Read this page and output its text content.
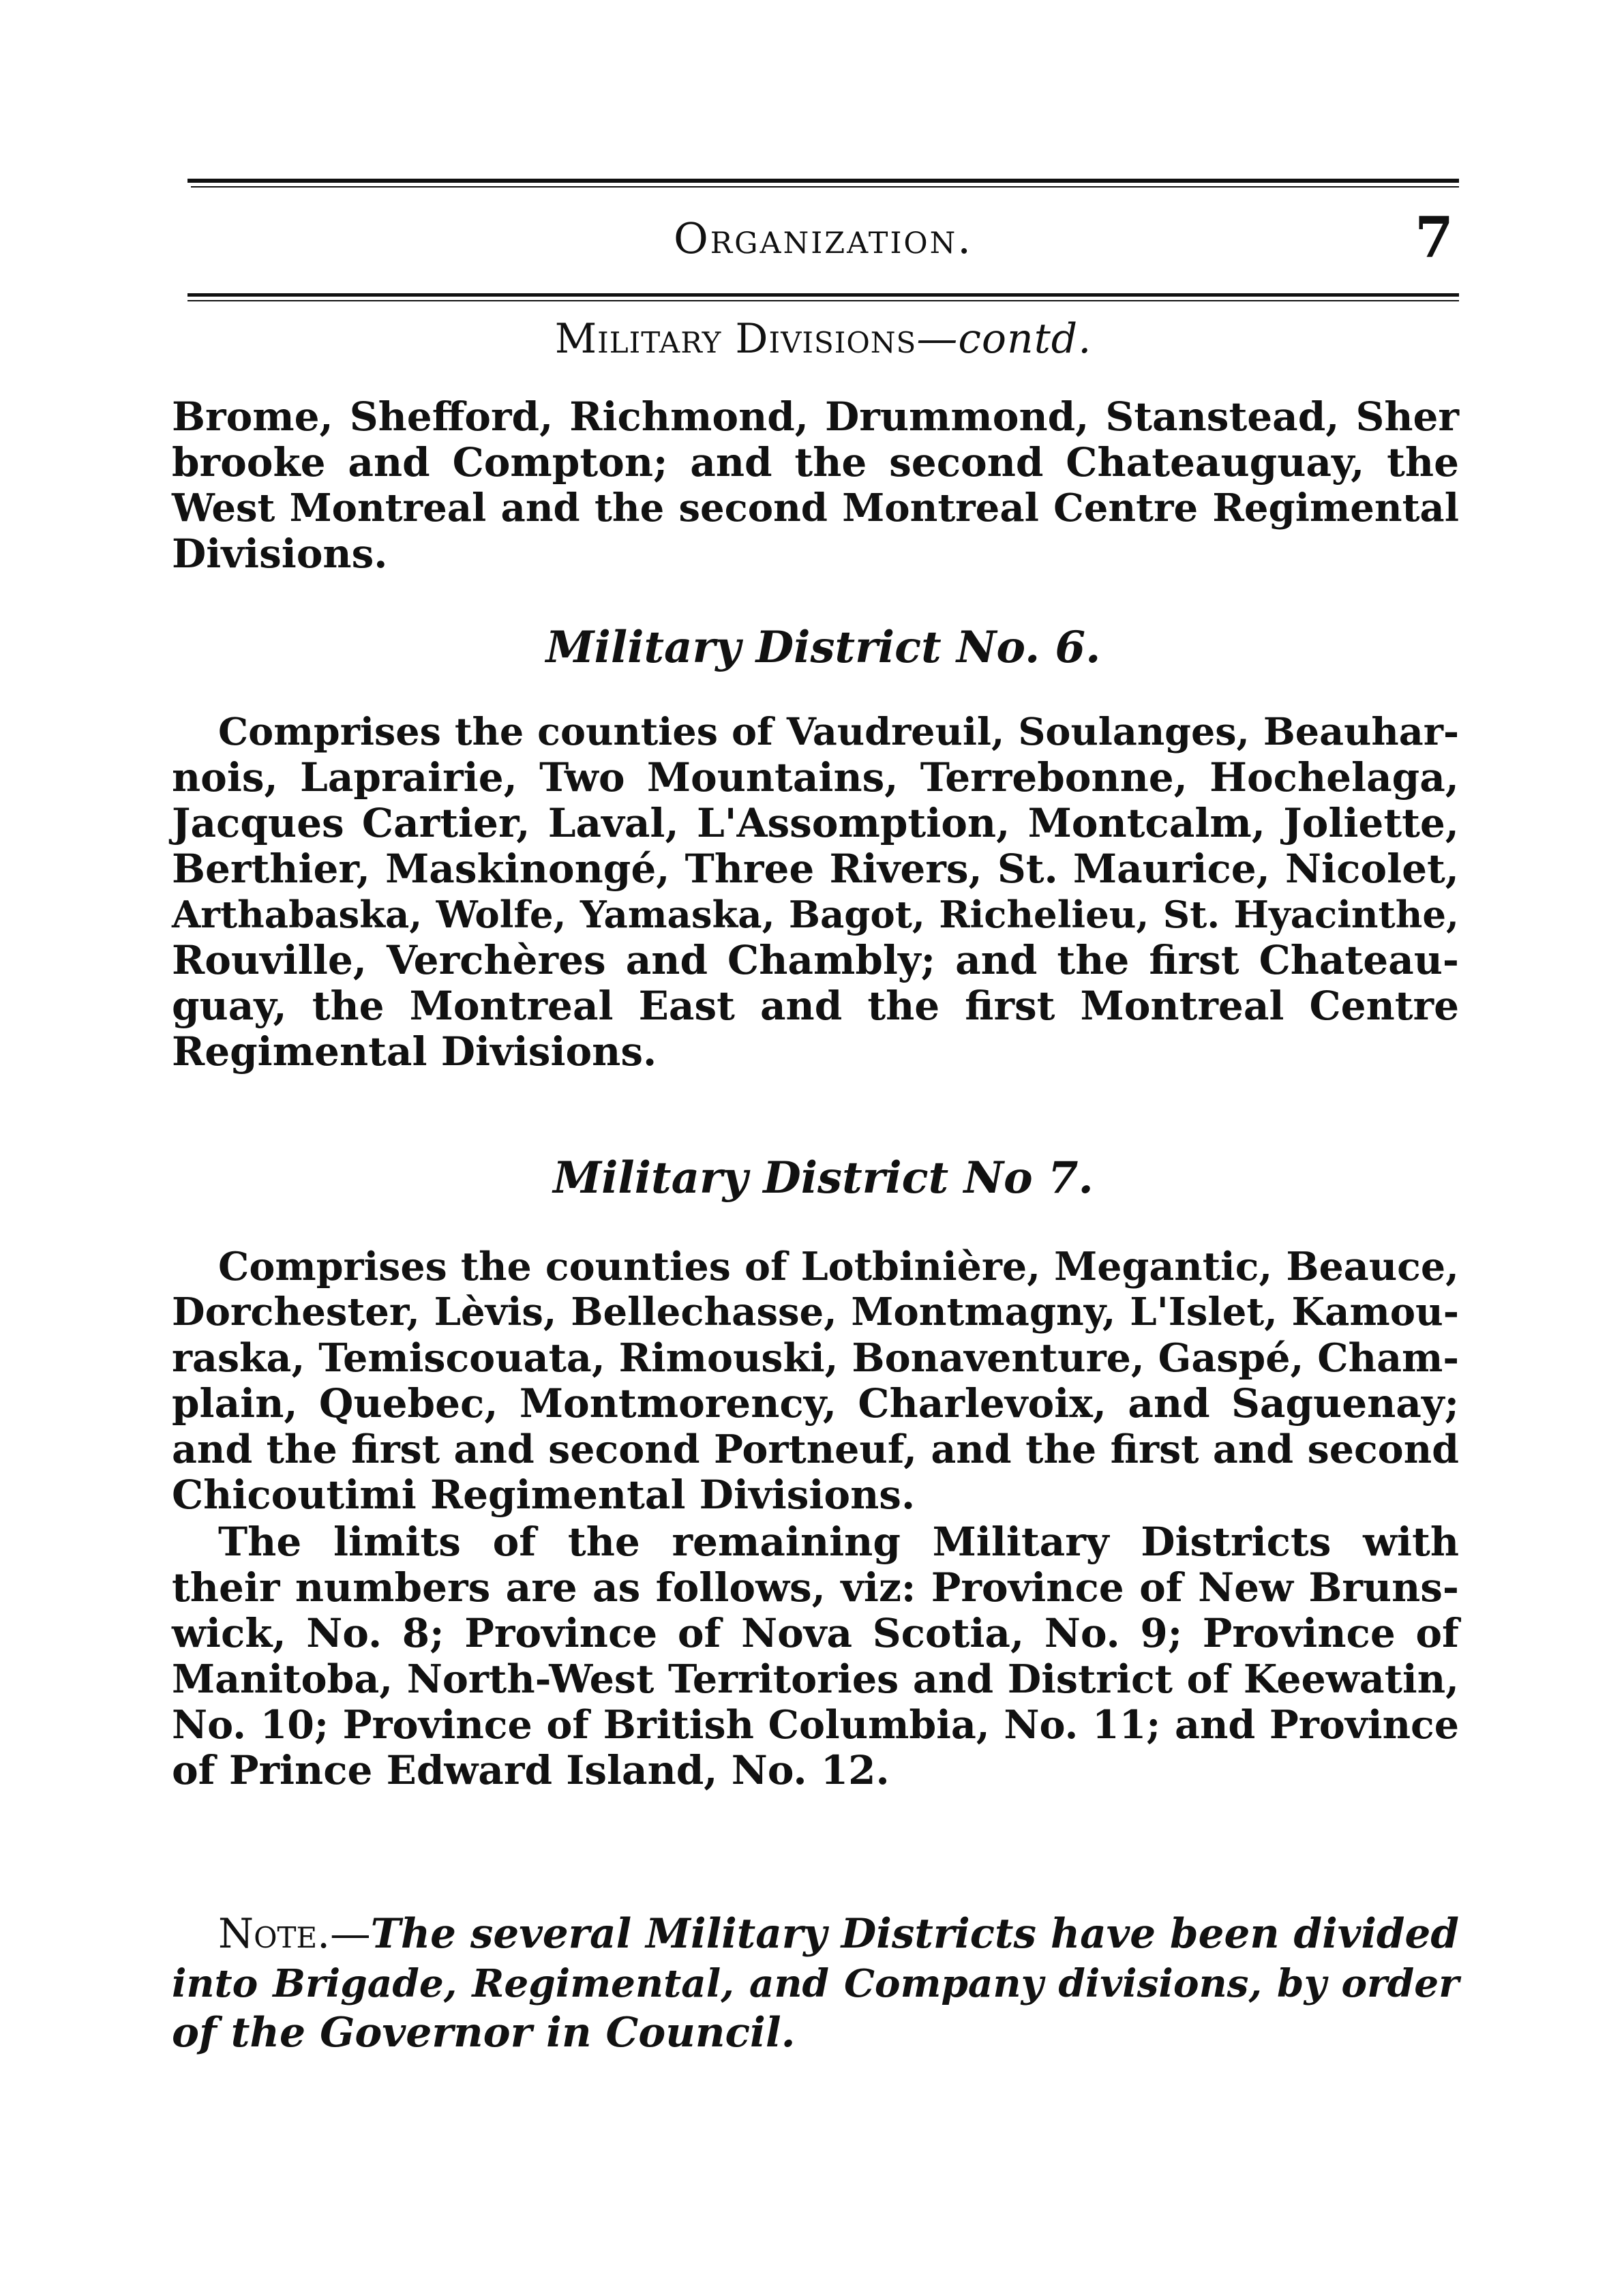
Organization.	7
Military Divisions—contd.
Brome, Shefford, Richmond, Drummond, Stanstead, Sher
brooke and Compton; and the second Chateauguay, the
West Montreal and the second Montreal Centre Regimental
Divisions.
Military District No. 6.
Comprises the counties of Vaudreuil, Soulanges, Beauhar-
nois, Laprairie, Two Mountains, Terrebonne, Hochelaga,
Jacques Cartier, Laval, L'Assomption, Montcalm, Joliette,
Berthier, Maskinongé, Three Rivers, St. Maurice, Nicolet,
Arthabaska, Wolfe, Yamaska, Bagot, Richelieu, St. Hyacinthe,
Rouville, Verchères and Chambly; and the first Chateau-
guay, the Montreal East and the first Montreal Centre
Regimental Divisions.
Military District No 7.
Comprises the counties of Lotbinière, Megantic, Beauce,
Dorchester, Lèvis, Bellechasse, Montmagny, L'Islet, Kamou-
raska, Temiscouata, Rimouski, Bonaventure, Gaspé, Cham-
plain, Quebec, Montmorency, Charlevoix, and Saguenay;
and the first and second Portneuf, and the first and second
Chicoutimi Regimental Divisions.
The limits of the remaining Military Districts with
their numbers are as follows, viz: Province of New Bruns-
wick, No. 8; Province of Nova Scotia, No. 9; Province of
Manitoba, North-West Territories and District of Keewatin,
No. 10; Province of British Columbia, No. 11; and Province
of Prince Edward Island, No. 12.
Note.—The several Military Districts have been divided
into Brigade, Regimental, and Company divisions, by order
of the Governor in Council.
